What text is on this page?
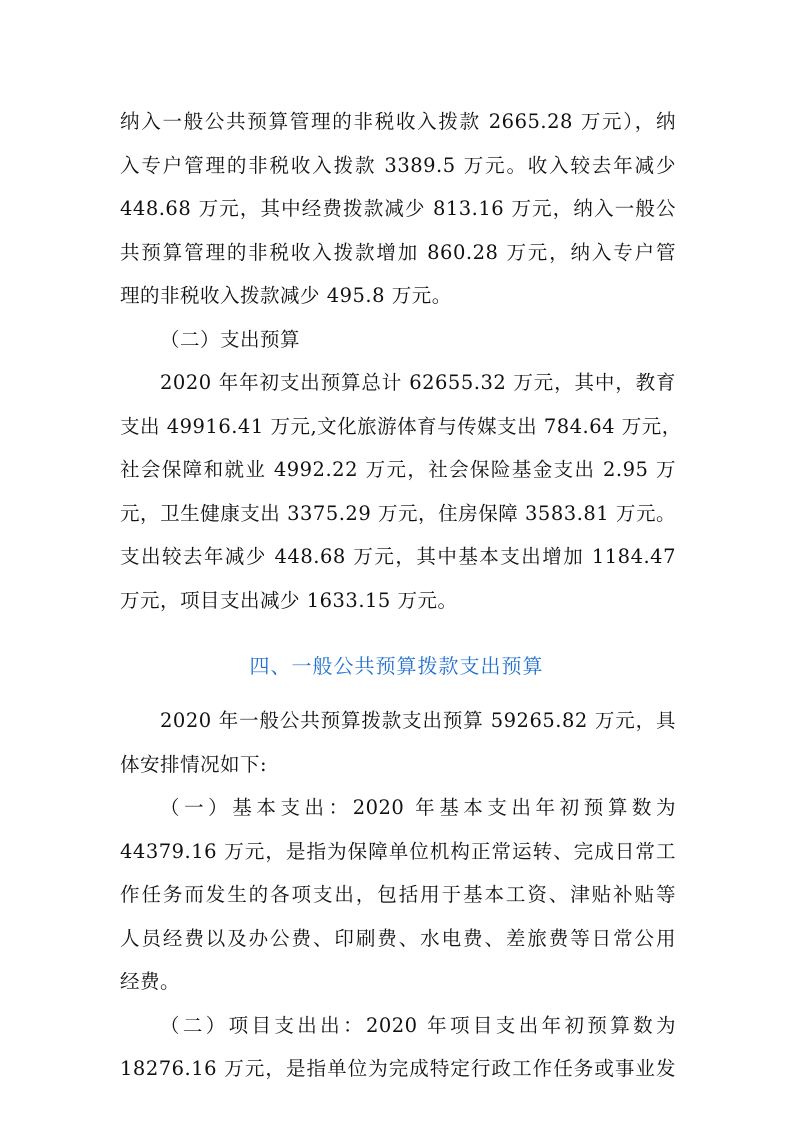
纳入一般公共预算管理的非税收入拨款 2665.28 万元），纳
入专户管理的非税收入拨款 3389.5 万元。收入较去年减少
448.68 万元，其中经费拨款减少 813.16 万元，纳入一般公
共预算管理的非税收入拨款增加 860.28 万元，纳入专户管
理的非税收入拨款减少 495.8 万元。
（二）支出预算
2020 年年初支出预算总计 62655.32 万元，其中，教育
支出 49916.41 万元,文化旅游体育与传媒支出 784.64 万元，
社会保障和就业 4992.22 万元，社会保险基金支出 2.95 万
元，卫生健康支出 3375.29 万元，住房保障 3583.81 万元。
支出较去年减少 448.68 万元，其中基本支出增加 1184.47
万元，项目支出减少 1633.15 万元。
四、一般公共预算拨款支出预算
2020 年一般公共预算拨款支出预算 59265.82 万元，具
体安排情况如下:
（一）基本支出：2020 年基本支出年初预算数为
44379.16 万元，是指为保障单位机构正常运转、完成日常工
作任务而发生的各项支出，包括用于基本工资、津贴补贴等
人员经费以及办公费、印刷费、水电费、差旅费等日常公用
经费。
（二）项目支出出：2020 年项目支出年初预算数为
18276.16 万元，是指单位为完成特定行政工作任务或事业发
